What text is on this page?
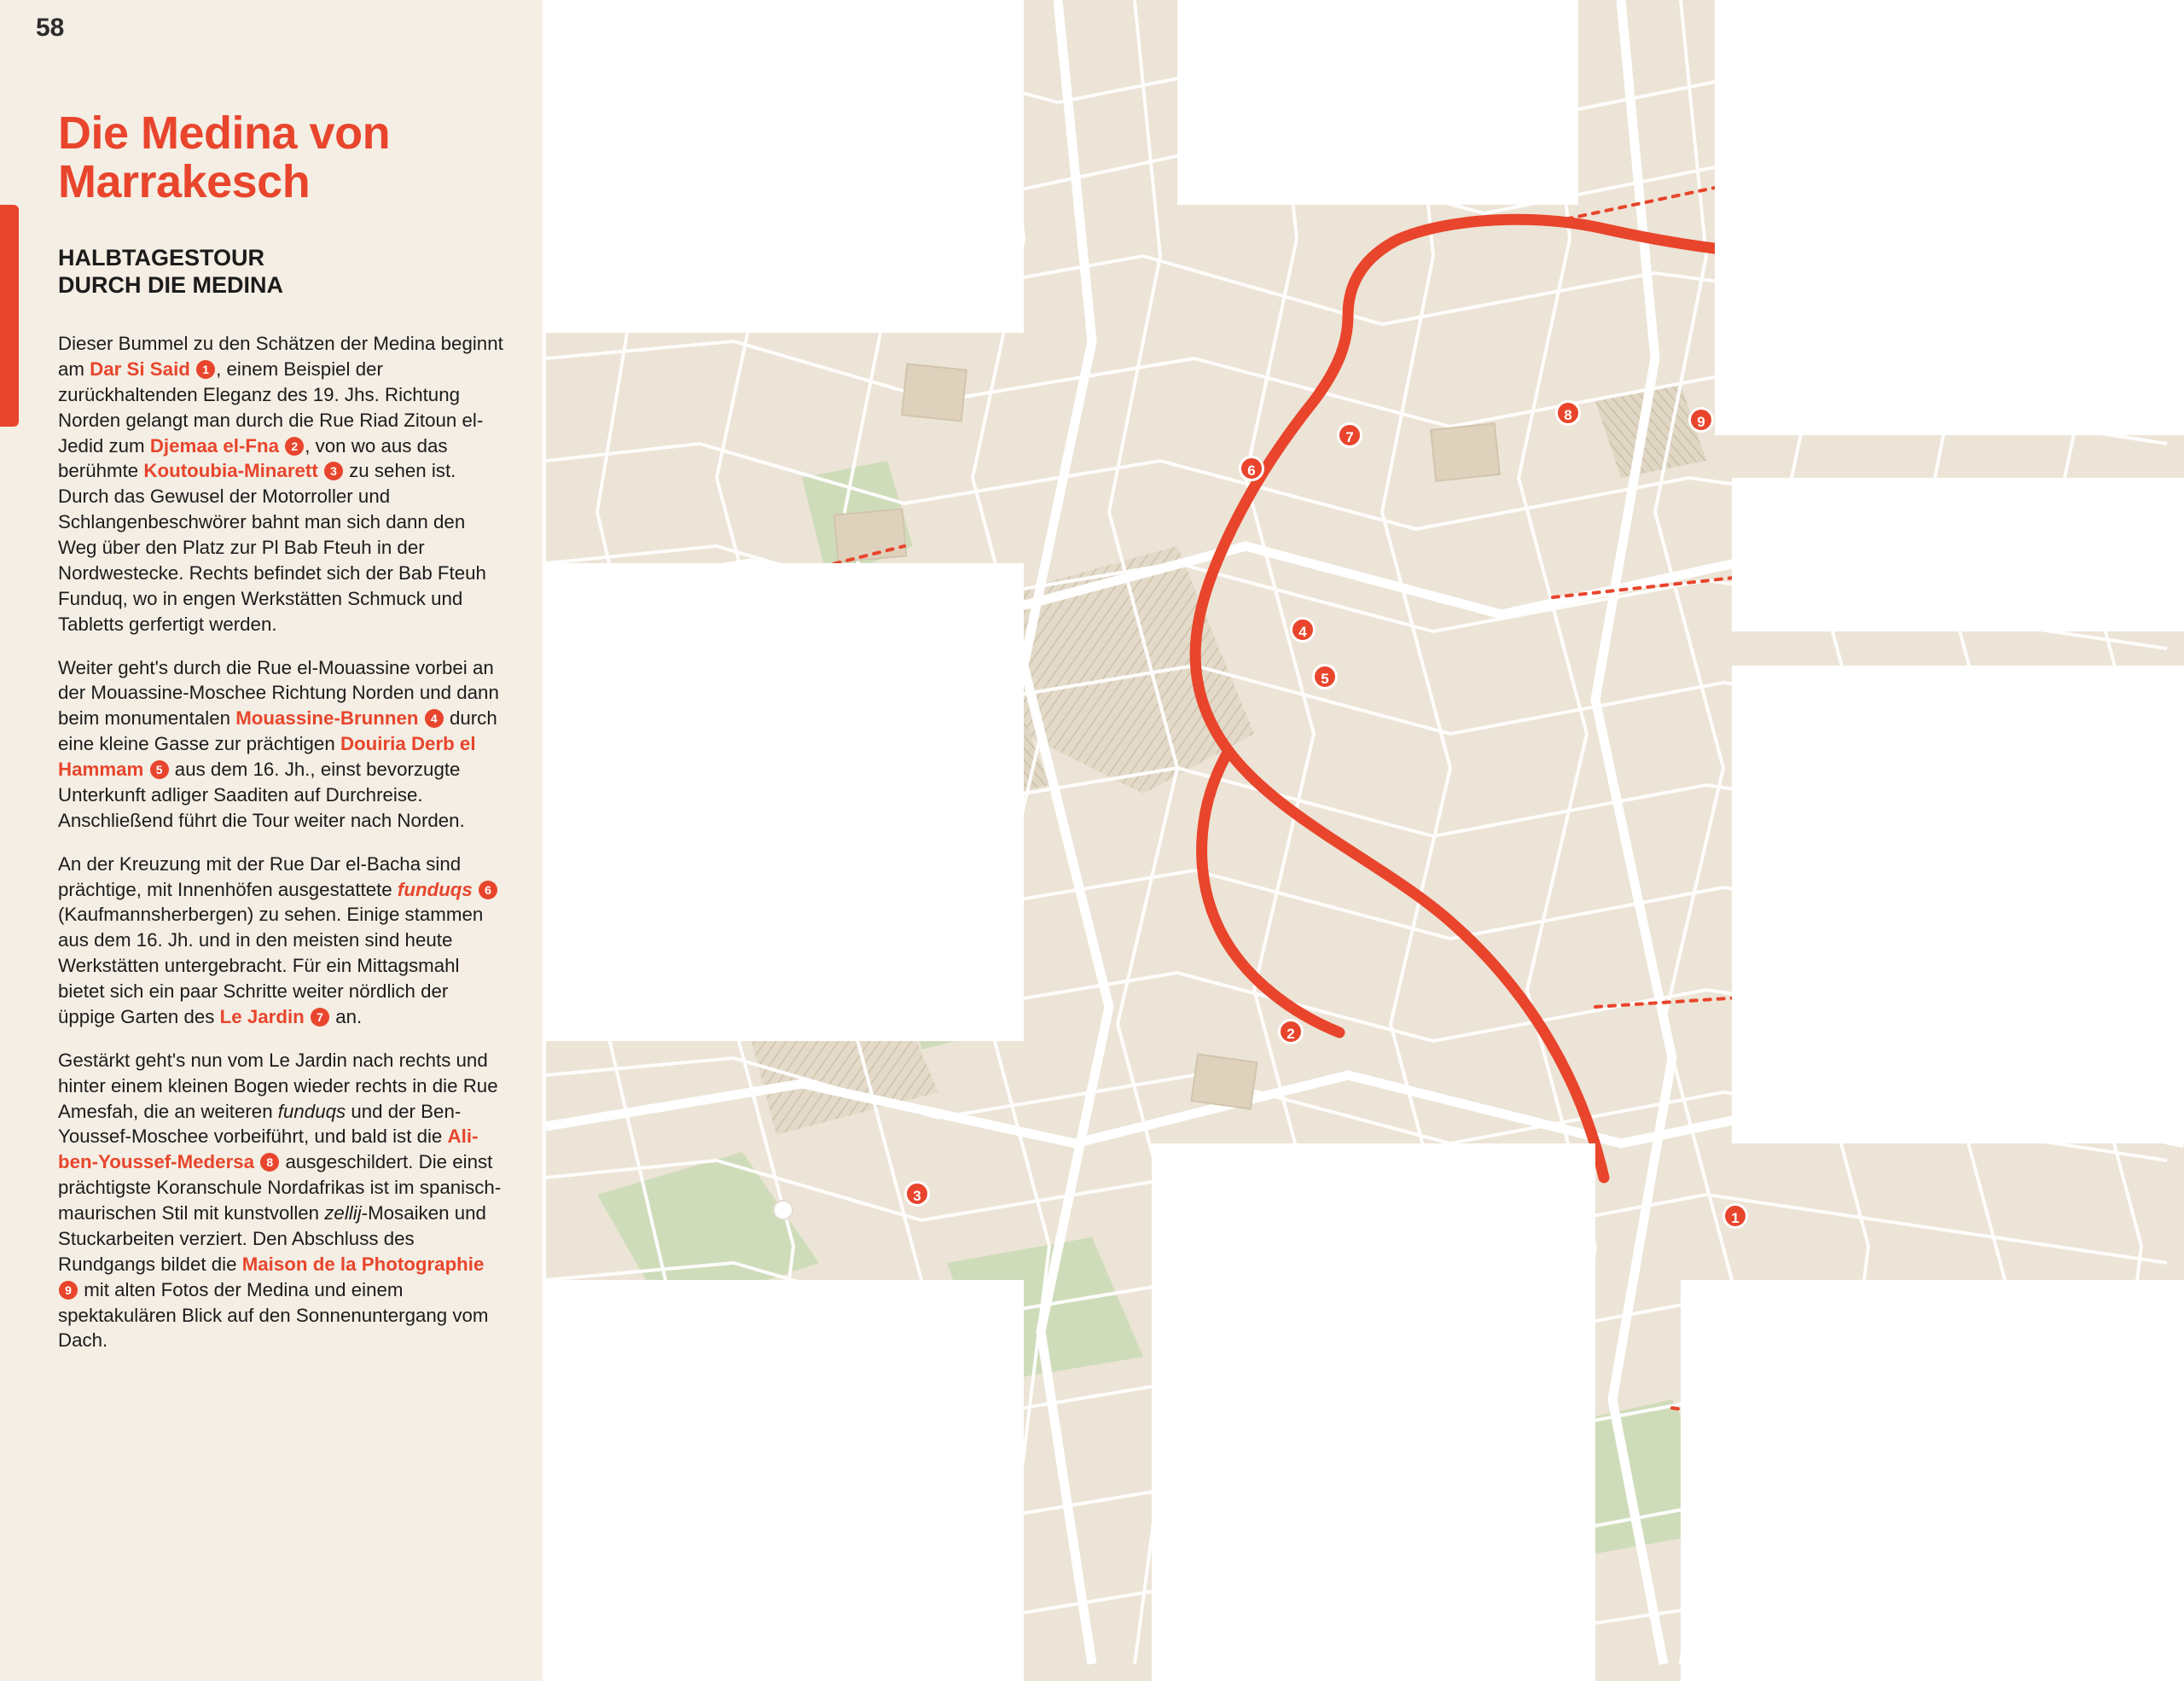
58
Die Medina von Marrakesch
HALBTAGESTOUR
DURCH DIE MEDINA

Dieser Bummel zu den Schätzen der Medina beginnt am Dar Si Said 1 , einem Beispiel der zurückhaltenden Eleganz des 19. Jhs. Richtung Norden gelangt man durch die Rue Riad Zitoun el-Jedid zum Djemaa el-Fna 2 , von wo aus das berühmte Koutoubia-Minarett 3 zu sehen ist. Durch das Gewusel der Motorroller und Schlangenbeschwörer bahnt man sich dann den Weg über den Platz zur Pl Bab Fteuh in der Nordwestecke. Rechts befindet sich der Bab Fteuh Funduq, wo in engen Werkstätten Schmuck und Tabletts gerfertigt werden.

Weiter geht's durch die Rue el-Mouassine vorbei an der Mouassine-Moschee Richtung Norden und dann beim monumentalen Mouassine-Brunnen 4 durch eine kleine Gasse zur prächtigen Douiria Derb el Hammam 5 aus dem 16. Jh., einst bevorzugte Unterkunft adliger Saaditen auf Durchreise. Anschließend führt die Tour weiter nach Norden.

An der Kreuzung mit der Rue Dar el-Bacha sind prächtige, mit Innenhöfen ausgestattete funduqs 6 (Kaufmannsherbergen) zu sehen. Einige stammen aus dem 16. Jh. und in den meisten sind heute Werkstätten untergebracht. Für ein Mittagsmahl bietet sich ein paar Schritte weiter nördlich der üppige Garten des Le Jardin 7 an.

Gestärkt geht's nun vom Le Jardin nach rechts und hinter einem kleinen Bogen wieder rechts in die Rue Amesfah, die an weiteren funduqs und der Ben-Youssef-Moschee vorbeiführt, und bald ist die Ali-ben-Youssef-Medersa 8 ausgeschildert. Die einst prächtigste Koranschule Nordafrikas ist im spanisch-maurischen Stil mit kunstvollen zellij-Mosaiken und Stuckarbeiten verziert. Den Abschluss des Rundgangs bildet die Maison de la Photographie 9 mit alten Fotos der Medina und einem spektakulären Blick auf den Sonnenuntergang vom Dach.

1
2
3
4
5
6
7
8	9
